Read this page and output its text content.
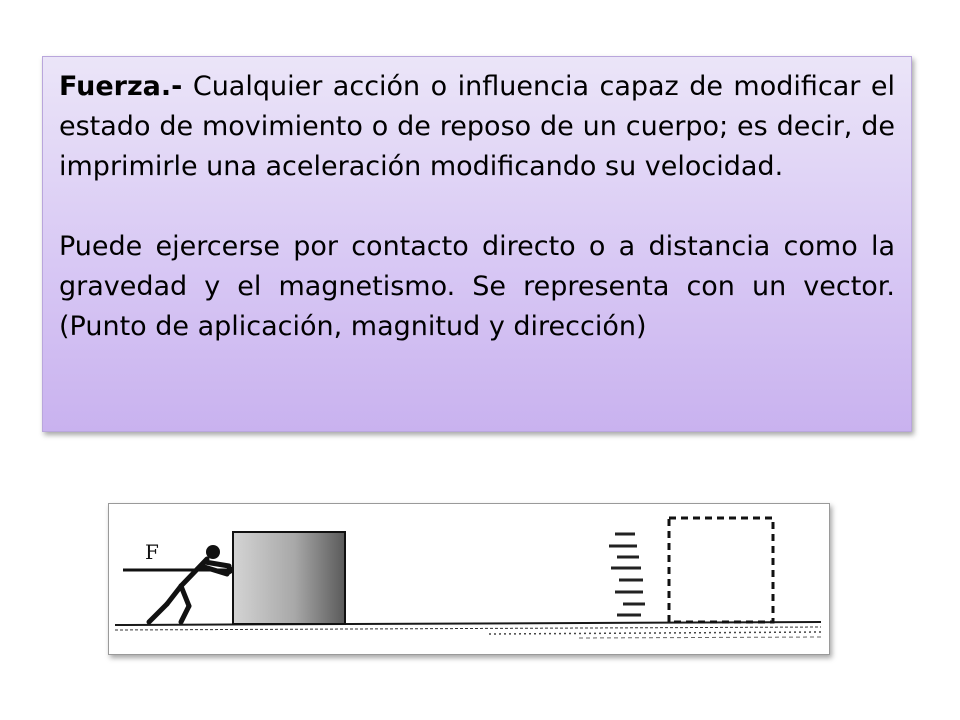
Fuerza.- Cualquier acción o influencia capaz de modificar el estado de movimiento o de reposo de un cuerpo; es decir, de imprimirle una aceleración modificando su velocidad.

Puede ejercerse por contacto directo o a distancia como la gravedad y el magnetismo. Se representa con un vector. (Punto de aplicación, magnitud y dirección)

F
